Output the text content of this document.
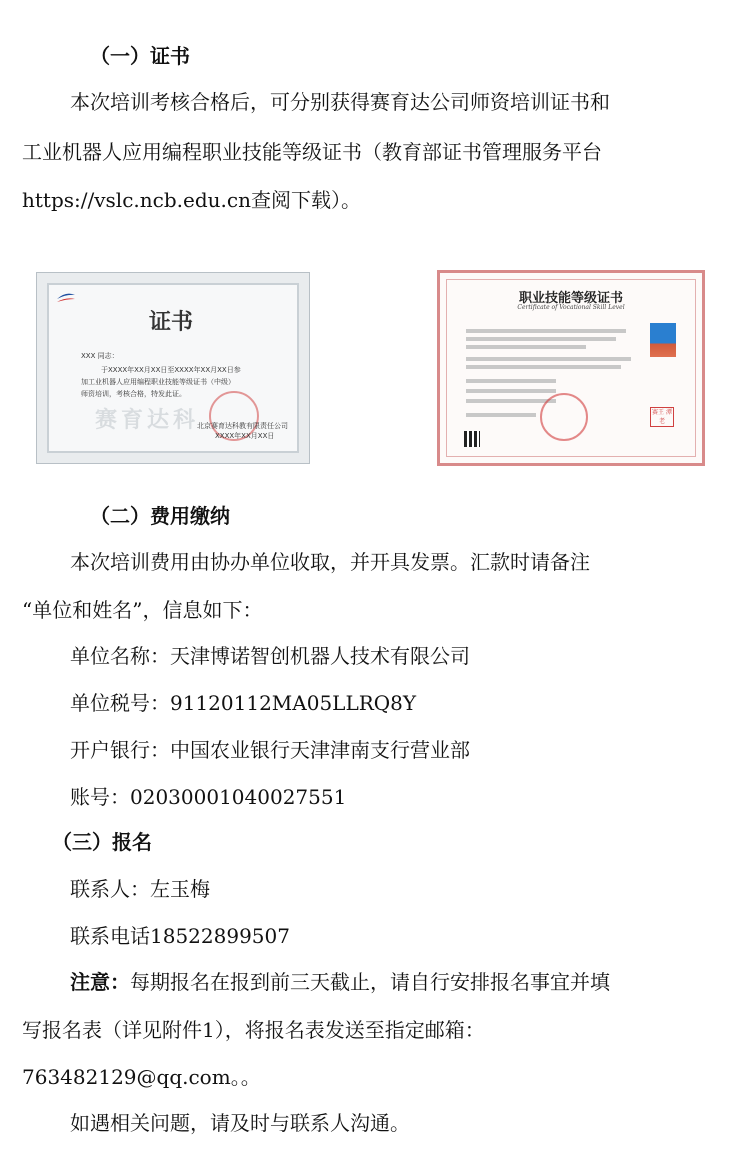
（一）证书
本次培训考核合格后，可分别获得赛育达公司师资培训证书和
工业机器人应用编程职业技能等级证书（教育部证书管理服务平台
https://vslc.ncb.edu.cn查阅下载）。
证书
赛育达科
XXX 同志：
于XXXX年XX月XX日至XXXX年XX月XX日参
加工业机器人应用编程职业技能等级证书（中级）
师资培训，考核合格，特发此证。
北京赛育达科教有限责任公司
XXXX年XX月XX日
职业技能等级证书
Certificate of Vocational Skill Level
赛王 潭老
（二）费用缴纳
本次培训费用由协办单位收取，并开具发票。汇款时请备注
“单位和姓名”，信息如下：
单位名称：天津博诺智创机器人技术有限公司
单位税号：91120112MA05LLRQ8Y
开户银行：中国农业银行天津津南支行营业部
账号：02030001040027551
（三）报名
联系人：左玉梅
联系电话18522899507
注意：每期报名在报到前三天截止，请自行安排报名事宜并填
写报名表（详见附件1），将报名表发送至指定邮箱：
763482129@qq.com。。
如遇相关问题，请及时与联系人沟通。
